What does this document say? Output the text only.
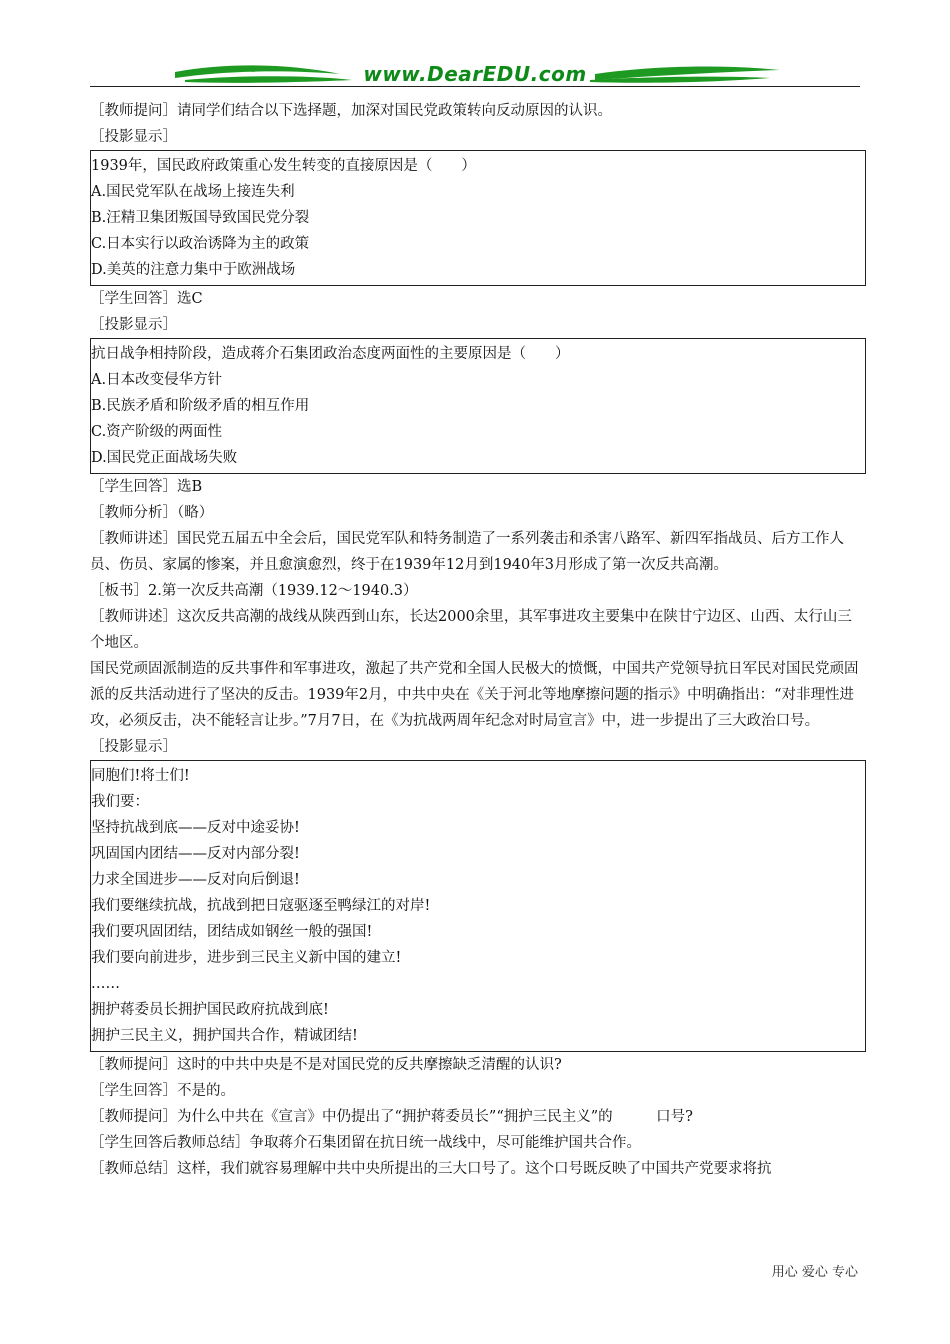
www.DearEDU.com
［教师提问］请同学们结合以下选择题，加深对国民党政策转向反动原因的认识。
［投影显示］
1939年，国民政府政策重心发生转变的直接原因是（　　）
A.国民党军队在战场上接连失利
B.汪精卫集团叛国导致国民党分裂
C.日本实行以政治诱降为主的政策
D.美英的注意力集中于欧洲战场
［学生回答］选C
［投影显示］
抗日战争相持阶段，造成蒋介石集团政治态度两面性的主要原因是（　　）
A.日本改变侵华方针
B.民族矛盾和阶级矛盾的相互作用
C.资产阶级的两面性
D.国民党正面战场失败
［学生回答］选B
［教师分析］（略）
［教师讲述］国民党五届五中全会后，国民党军队和特务制造了一系列袭击和杀害八路军、新四军指战员、后方工作人员、伤员、家属的惨案，并且愈演愈烈，终于在1939年12月到1940年3月形成了第一次反共高潮。
［板书］2.第一次反共高潮（1939.12～1940.3）
［教师讲述］这次反共高潮的战线从陕西到山东，长达2000余里，其军事进攻主要集中在陕甘宁边区、山西、太行山三个地区。
国民党顽固派制造的反共事件和军事进攻，激起了共产党和全国人民极大的愤慨，中国共产党领导抗日军民对国民党顽固派的反共活动进行了坚决的反击。1939年2月，中共中央在《关于河北等地摩擦问题的指示》中明确指出：“对非理性进攻，必须反击，决不能轻言让步。”7月7日，在《为抗战两周年纪念对时局宣言》中，进一步提出了三大政治口号。
［投影显示］
同胞们!将士们!
我们要：
坚持抗战到底——反对中途妥协!
巩固国内团结——反对内部分裂!
力求全国进步——反对向后倒退!
我们要继续抗战，抗战到把日寇驱逐至鸭绿江的对岸!
我们要巩固团结，团结成如钢丝一般的强国!
我们要向前进步，进步到三民主义新中国的建立!
……
拥护蒋委员长拥护国民政府抗战到底!
拥护三民主义，拥护国共合作，精诚团结!
［教师提问］这时的中共中央是不是对国民党的反共摩擦缺乏清醒的认识?
［学生回答］不是的。
［教师提问］为什么中共在《宣言》中仍提出了“拥护蒋委员长”“拥护三民主义”的　　　口号?
［学生回答后教师总结］争取蒋介石集团留在抗日统一战线中，尽可能维护国共合作。
［教师总结］这样，我们就容易理解中共中央所提出的三大口号了。这个口号既反映了中国共产党要求将抗
用心 爱心 专心
